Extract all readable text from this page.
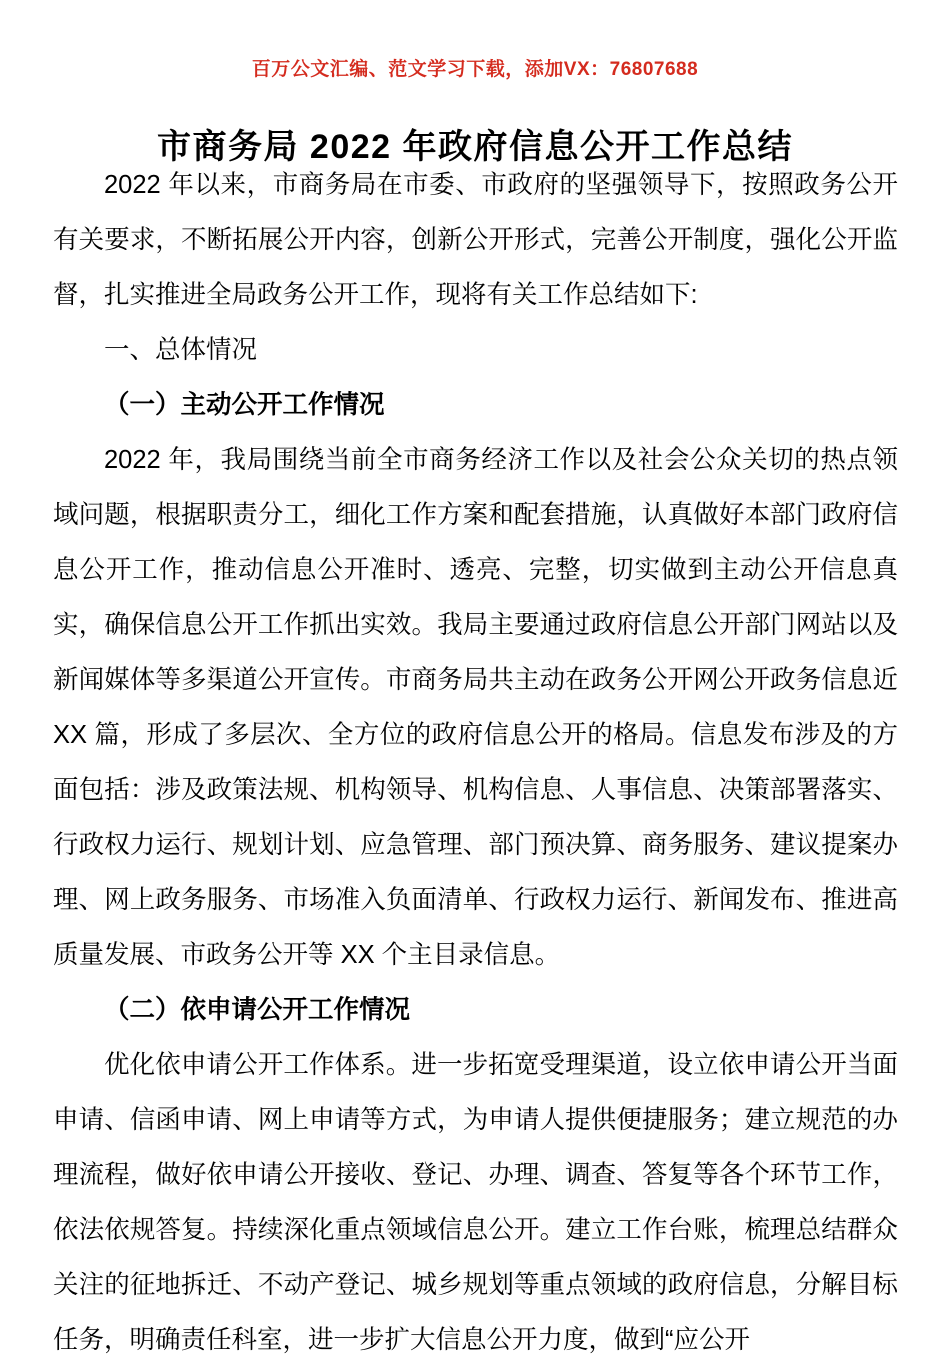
百万公文汇编、范文学习下载，添加VX：76807688
市商务局 2022 年政府信息公开工作总结

2022 年以来，市商务局在市委、市政府的坚强领导下，按照政务公开有关要求，不断拓展公开内容，创新公开形式，完善公开制度，强化公开监督，扎实推进全局政务公开工作，现将有关工作总结如下:

一、总体情况
（一）主动公开工作情况

2022 年，我局围绕当前全市商务经济工作以及社会公众关切的热点领域问题，根据职责分工，细化工作方案和配套措施，认真做好本部门政府信息公开工作，推动信息公开准时、透亮、完整，切实做到主动公开信息真实，确保信息公开工作抓出实效。我局主要通过政府信息公开部门网站以及新闻媒体等多渠道公开宣传。市商务局共主动在政务公开网公开政务信息近 XX 篇，形成了多层次、全方位的政府信息公开的格局。信息发布涉及的方面包括：涉及政策法规、机构领导、机构信息、人事信息、决策部署落实、行政权力运行、规划计划、应急管理、部门预决算、商务服务、建议提案办理、网上政务服务、市场准入负面清单、行政权力运行、新闻发布、推进高质量发展、市政务公开等 XX 个主目录信息。

（二）依申请公开工作情况

优化依申请公开工作体系。进一步拓宽受理渠道，设立依申请公开当面申请、信函申请、网上申请等方式，为申请人提供便捷服务；建立规范的办理流程，做好依申请公开接收、登记、办理、调查、答复等各个环节工作，依法依规答复。持续深化重点领域信息公开。建立工作台账，梳理总结群众关注的征地拆迁、不动产登记、城乡规划等重点领域的政府信息，分解目标任务，明确责任科室，进一步扩大信息公开力度，做到“应公开
